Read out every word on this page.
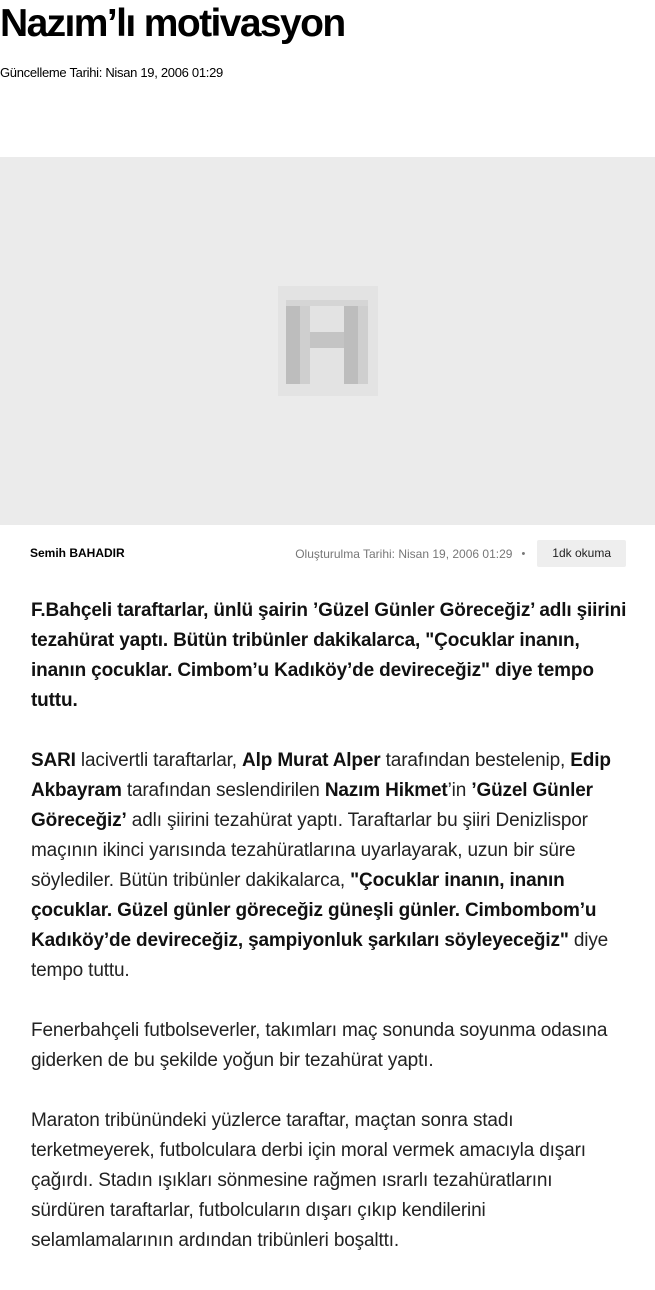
Nazım’lı motivasyon
Güncelleme Tarihi: Nisan 19, 2006 01:29
Semih BAHADIR	Oluşturulma Tarihi: Nisan 19, 2006 01:29 •	1dk okuma

F.Bahçeli taraftarlar, ünlü şairin ’Güzel Günler Göreceğiz’ adlı şiirini tezahürat yaptı. Bütün tribünler dakikalarca, "Çocuklar inanın, inanın çocuklar. Cimbom’u Kadıköy’de devireceğiz" diye tempo tuttu.

SARI lacivertli taraftarlar, Alp Murat Alper tarafından bestelenip, Edip Akbayram tarafından seslendirilen Nazım Hikmet’in ’Güzel Günler Göreceğiz’ adlı şiirini tezahürat yaptı. Taraftarlar bu şiiri Denizlispor maçının ikinci yarısında tezahüratlarına uyarlayarak, uzun bir süre söylediler. Bütün tribünler dakikalarca, "Çocuklar inanın, inanın çocuklar. Güzel günler göreceğiz güneşli günler. Cimbombom’u Kadıköy’de devireceğiz, şampiyonluk şarkıları söyleyeceğiz" diye tempo tuttu.

Fenerbahçeli futbolseverler, takımları maç sonunda soyunma odasına giderken de bu şekilde yoğun bir tezahürat yaptı.

Maraton tribünündeki yüzlerce taraftar, maçtan sonra stadı terketmeyerek, futbolculara derbi için moral vermek amacıyla dışarı çağırdı. Stadın ışıkları sönmesine rağmen ısrarlı tezahüratlarını sürdüren taraftarlar, futbolcuların dışarı çıkıp kendilerini selamlamalarının ardından tribünleri boşalttı.
